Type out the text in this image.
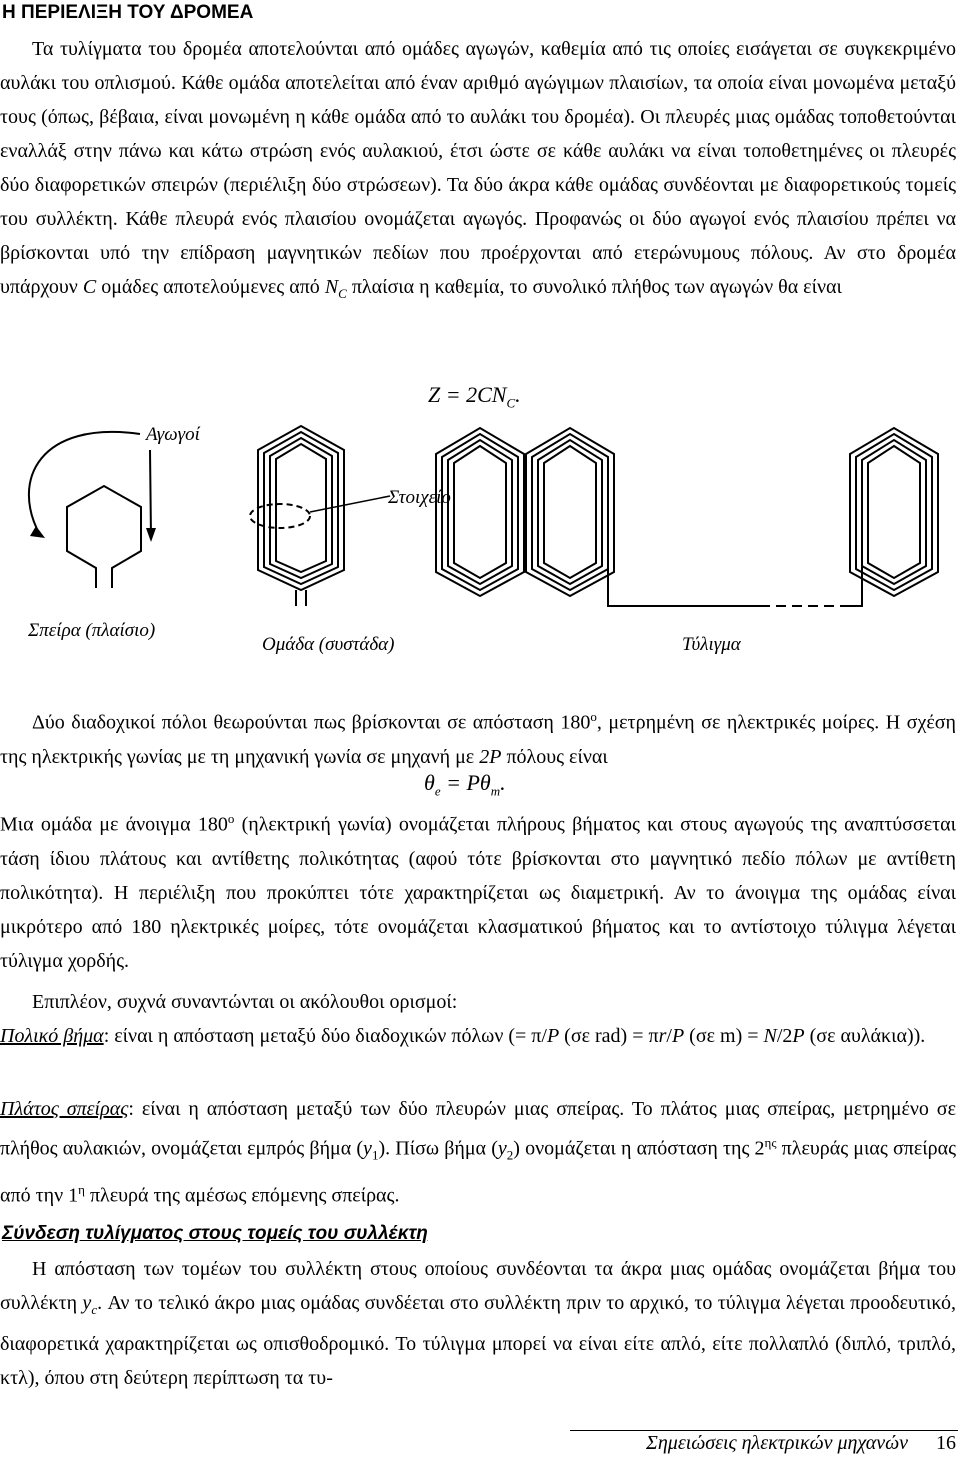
Η ΠΕΡΙΕΛΙΞΗ ΤΟΥ ΔΡΟΜΕΑ
Τα τυλίγματα του δρομέα αποτελούνται από ομάδες αγωγών, καθεμία από τις οποίες εισάγεται σε συγκεκριμένο αυλάκι του οπλισμού. Κάθε ομάδα αποτελείται από έναν αριθμό αγώγιμων πλαισίων, τα οποία είναι μονωμένα μεταξύ τους (όπως, βέβαια, είναι μονωμένη η κάθε ομάδα από το αυλάκι του δρομέα). Οι πλευρές μιας ομάδας τοποθετούνται εναλλάξ στην πάνω και κάτω στρώση ενός αυλακιού, έτσι ώστε σε κάθε αυλάκι να είναι τοποθετημένες οι πλευρές δύο διαφορετικών σπειρών (περιέλιξη δύο στρώσεων). Τα δύο άκρα κάθε ομάδας συνδέονται με διαφορετικούς τομείς του συλλέκτη. Κάθε πλευρά ενός πλαισίου ονομάζεται αγωγός. Προφανώς οι δύο αγωγοί ενός πλαισίου πρέπει να βρίσκονται υπό την επίδραση μαγνητικών πεδίων που προέρχονται από ετερώνυμους πόλους. Αν στο δρομέα υπάρχουν C ομάδες αποτελούμενες από $N_C$ πλαίσια η καθεμία, το συνολικό πλήθος των αγωγών θα είναι
$Z = 2CN_C$.
Αγωγοί
Στοιχείο
Σπείρα (πλαίσιο)
Ομάδα (συστάδα)	Τύλιγμα
Δύο διαδοχικοί πόλοι θεωρούνται πως βρίσκονται σε απόσταση $180^o$, μετρημένη σε ηλεκτρικές μοίρες. Η σχέση της ηλεκτρικής γωνίας με τη μηχανική γωνία σε μηχανή με 2P πόλους είναι
$\theta_e = P\theta_m$.
Μια ομάδα με άνοιγμα $180^o$ (ηλεκτρική γωνία) ονομάζεται πλήρους βήματος και στους αγωγούς της αναπτύσσεται τάση ίδιου πλάτους και αντίθετης πολικότητας (αφού τότε βρίσκονται στο μαγνητικό πεδίο πόλων με αντίθετη πολικότητα). Η περιέλιξη που προκύπτει τότε χαρακτηρίζεται ως διαμετρική. Αν το άνοιγμα της ομάδας είναι μικρότερο από 180 ηλεκτρικές μοίρες, τότε ονομάζεται κλασματικού βήματος και το αντίστοιχο τύλιγμα λέγεται τύλιγμα χορδής.
Επιπλέον, συχνά συναντώνται οι ακόλουθοι ορισμοί:
Πολικό βήμα: είναι η απόσταση μεταξύ δύο διαδοχικών πόλων (= π/P (σε rad) = πr/P (σε m) = N/2P (σε αυλάκια)).
Πλάτος σπείρας: είναι η απόσταση μεταξύ των δύο πλευρών μιας σπείρας. Το πλάτος μιας σπείρας, μετρημένο σε πλήθος αυλακιών, ονομάζεται εμπρός βήμα $(y_1)$. Πίσω βήμα $(y_2)$ ονομάζεται η απόσταση της $2^{\eta\varsigma}$ πλευράς μιας σπείρας από την $1^\eta$ πλευρά της αμέσως επόμενης σπείρας.
Σύνδεση τυλίγματος στους τομείς του συλλέκτη
Η απόσταση των τομέων του συλλέκτη στους οποίους συνδέονται τα άκρα μιας ομάδας ονομάζεται βήμα του συλλέκτη $y_c$. Αν το τελικό άκρο μιας ομάδας συνδέεται στο συλλέκτη πριν το αρχικό, το τύλιγμα λέγεται προοδευτικό, διαφορετικά χαρακτηρίζεται ως οπισθοδρομικό. Το τύλιγμα μπορεί να είναι είτε απλό, είτε πολλαπλό (διπλό, τριπλό, κτλ), όπου στη δεύτερη περίπτωση τα τυ-
Σημειώσεις ηλεκτρικών μηχανών 16
